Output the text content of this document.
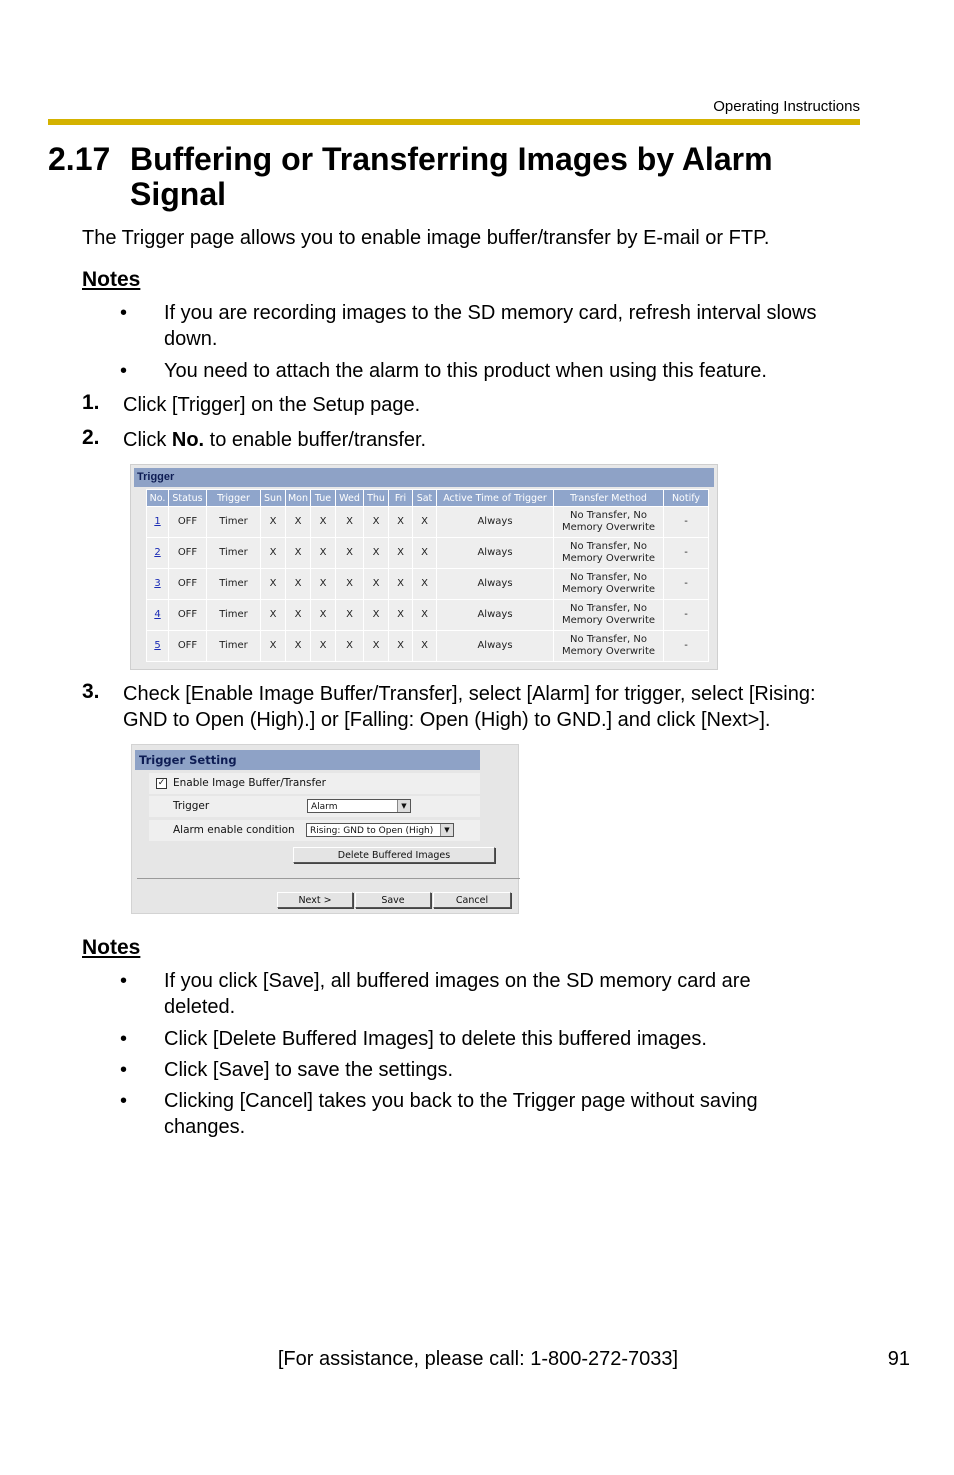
Operating Instructions
2.17 Buffering or Transferring Images by Alarm Signal
The Trigger page allows you to enable image buffer/transfer by E-mail or FTP.
Notes
• If you are recording images to the SD memory card, refresh interval slows down.
• You need to attach the alarm to this product when using this feature.
1. Click [Trigger] on the Setup page.
2. Click No. to enable buffer/transfer.
Trigger
No.	Status	Trigger	Sun	Mon	Tue	Wed	Thu	Fri	Sat	Active Time of Trigger	Transfer Method	Notify
1	OFF	Timer	X	X	X	X	X	X	X	Always	No Transfer, No
Memory Overwrite	-
2	OFF	Timer	X	X	X	X	X	X	X	Always	No Transfer, No
Memory Overwrite	-
3	OFF	Timer	X	X	X	X	X	X	X	Always	No Transfer, No
Memory Overwrite	-
4	OFF	Timer	X	X	X	X	X	X	X	Always	No Transfer, No
Memory Overwrite	-
5	OFF	Timer	X	X	X	X	X	X	X	Always	No Transfer, No
Memory Overwrite	-
3. Check [Enable Image Buffer/Transfer], select [Alarm] for trigger, select [Rising: GND to Open (High).] or [Falling: Open (High) to GND.] and click [Next>].
Trigger Setting
✓ Enable Image Buffer/Transfer
Trigger	Alarm	▼
Alarm enable condition	Rising: GND to Open (High)	▼
Delete Buffered Images
Next >	Save	Cancel
Notes
• If you click [Save], all buffered images on the SD memory card are deleted.
• Click [Delete Buffered Images] to delete this buffered images.
• Click [Save] to save the settings.
• Clicking [Cancel] takes you back to the Trigger page without saving changes.
[For assistance, please call: 1-800-272-7033]	91
